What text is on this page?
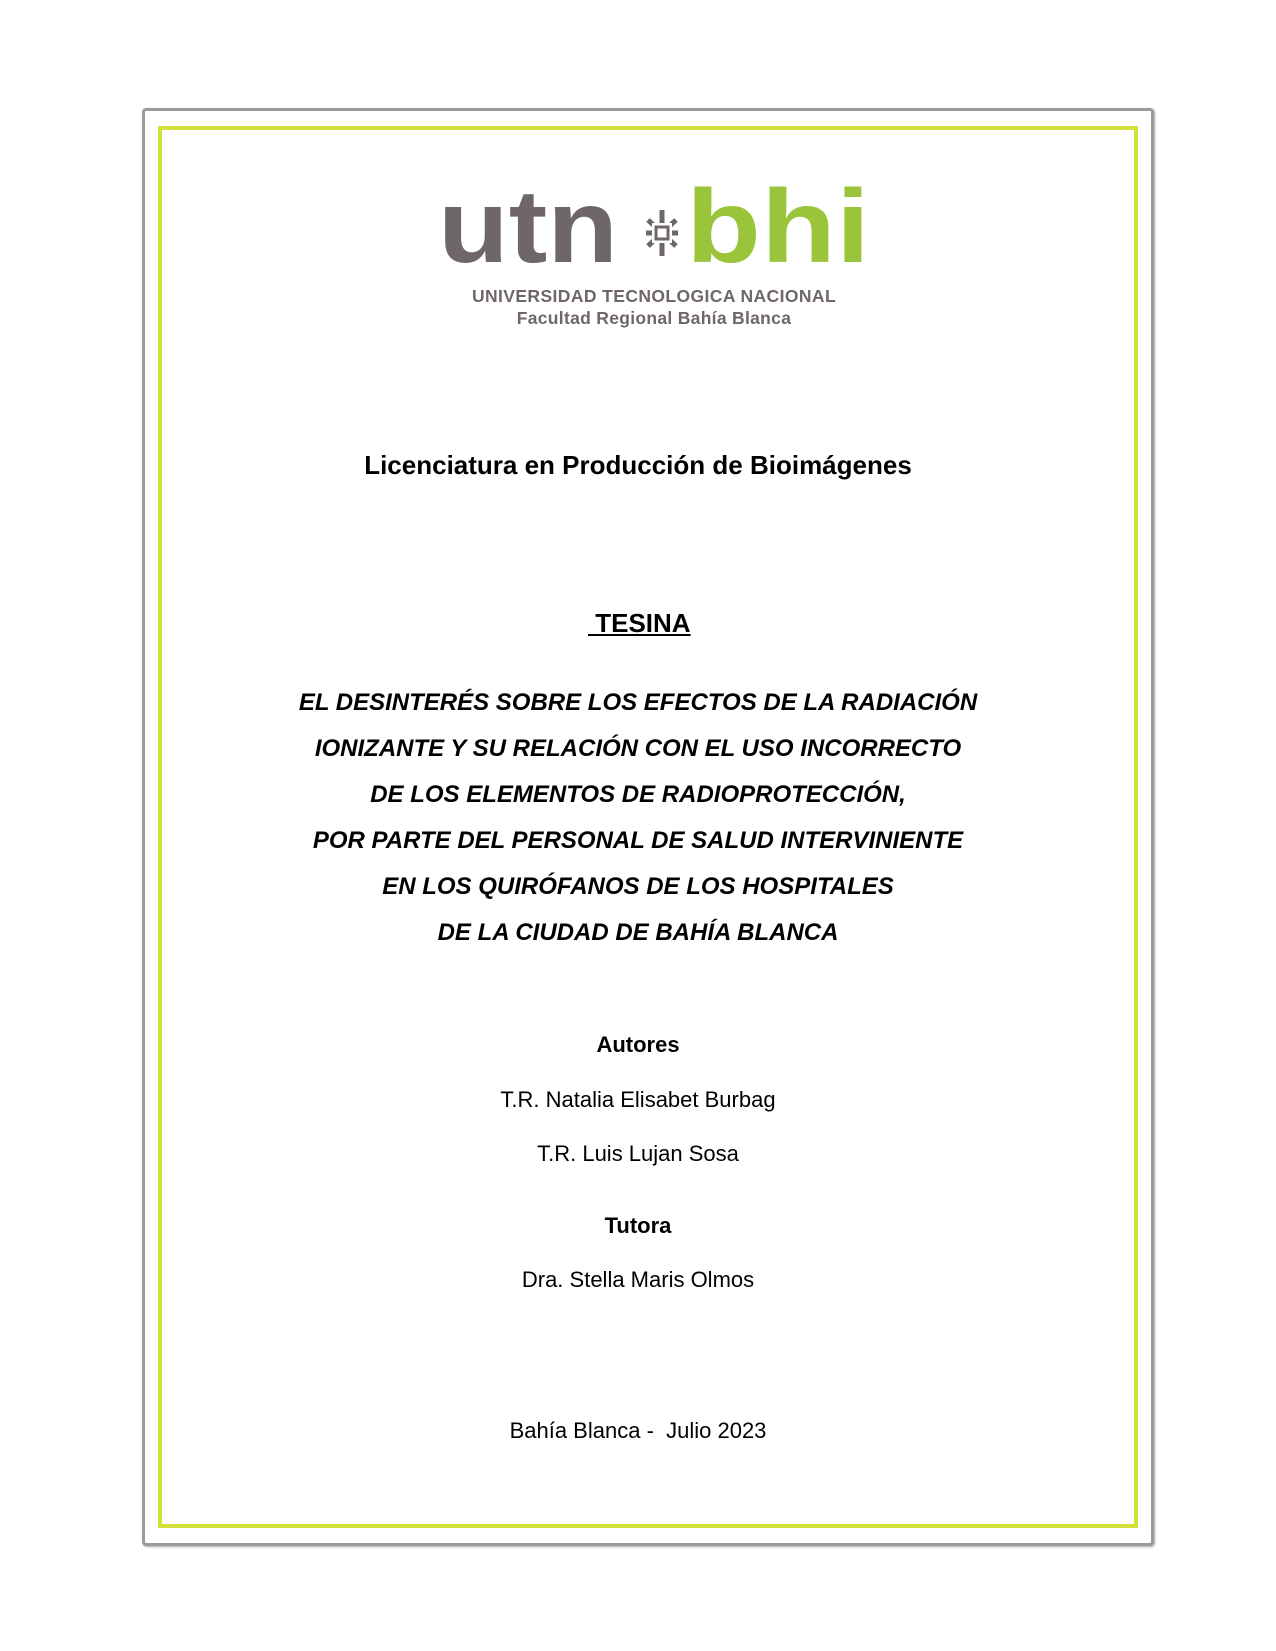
utn bhi
UNIVERSIDAD TECNOLOGICA NACIONAL
Facultad Regional Bahía Blanca
Licenciatura en Producción de Bioimágenes
TESINA
EL DESINTERÉS SOBRE LOS EFECTOS DE LA RADIACIÓN
IONIZANTE Y SU RELACIÓN CON EL USO INCORRECTO
DE LOS ELEMENTOS DE RADIOPROTECCIÓN,
POR PARTE DEL PERSONAL DE SALUD INTERVINIENTE
EN LOS QUIRÓFANOS DE LOS HOSPITALES
DE LA CIUDAD DE BAHÍA BLANCA
Autores
T.R. Natalia Elisabet Burbag
T.R. Luis Lujan Sosa
Tutora
Dra. Stella Maris Olmos
Bahía Blanca -  Julio 2023
